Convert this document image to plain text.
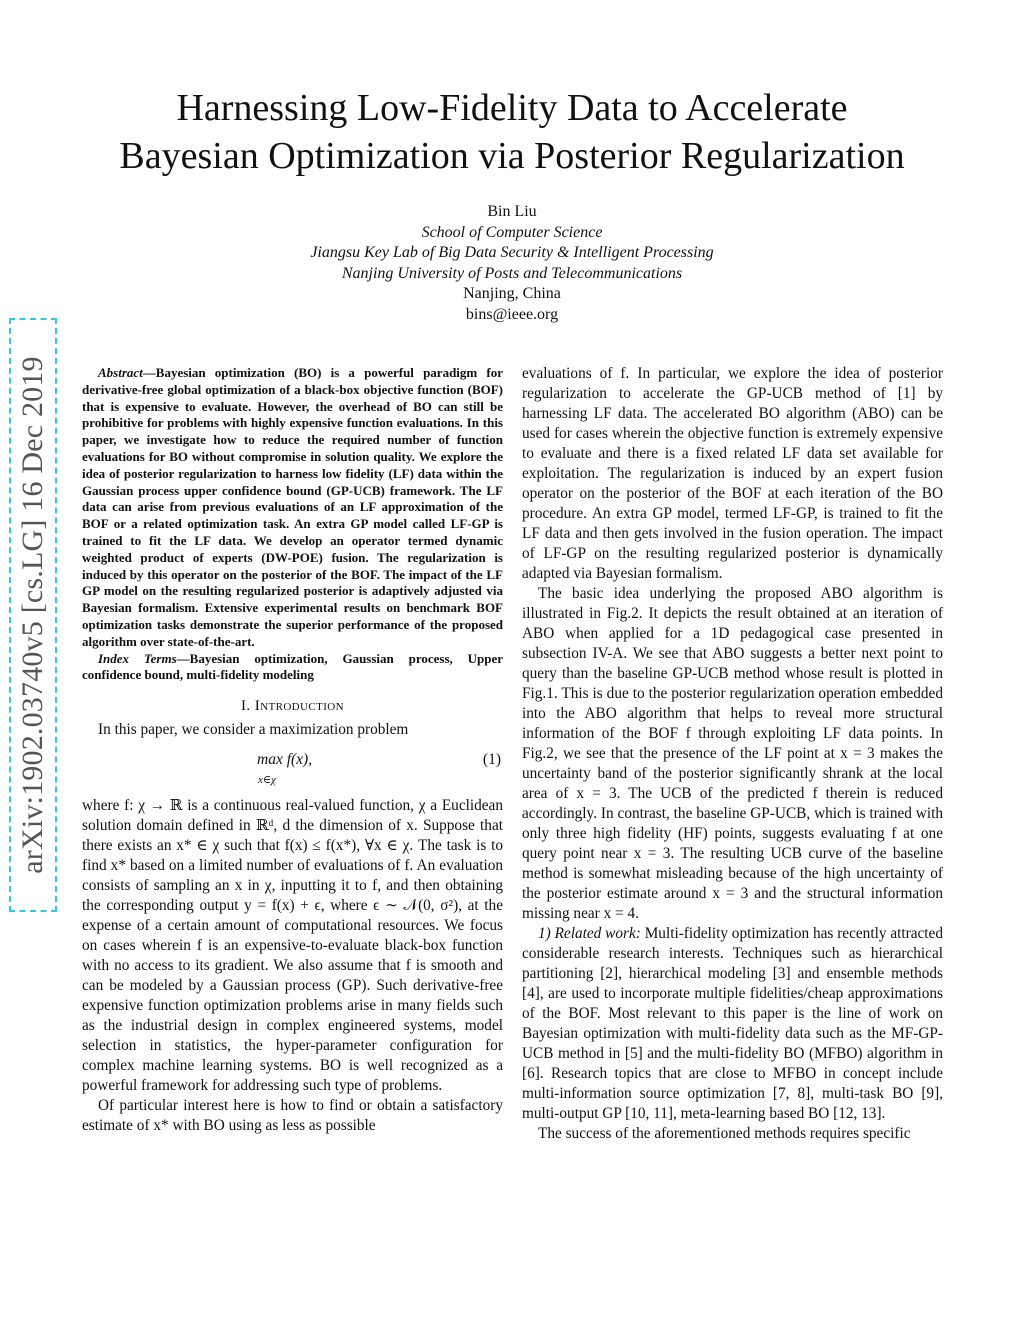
Harnessing Low-Fidelity Data to Accelerate
Bayesian Optimization via Posterior Regularization
Bin Liu
School of Computer Science
Jiangsu Key Lab of Big Data Security & Intelligent Processing
Nanjing University of Posts and Telecommunications
Nanjing, China
bins@ieee.org
arXiv:1902.03740v5 [cs.LG] 16 Dec 2019	Abstract—Bayesian optimization (BO) is a powerful paradigm for derivative-free global optimization of a black-box objective function (BOF) that is expensive to evaluate. However, the overhead of BO can still be prohibitive for problems with highly expensive function evaluations. In this paper, we investigate how to reduce the required number of function evaluations for BO without compromise in solution quality. We explore the idea of posterior regularization to harness low fidelity (LF) data within the Gaussian process upper confidence bound (GP-UCB) framework. The LF data can arise from previous evaluations of an LF approximation of the BOF or a related optimization task. An extra GP model called LF-GP is trained to fit the LF data. We develop an operator termed dynamic weighted product of experts (DW-POE) fusion. The regularization is induced by this operator on the posterior of the BOF. The impact of the LF GP model on the resulting regularized posterior is adaptively adjusted via Bayesian formalism. Extensive experimental results on benchmark BOF optimization tasks demonstrate the superior performance of the proposed algorithm over state-of-the-art.

Index Terms—Bayesian optimization, Gaussian process, Upper confidence bound, multi-fidelity modeling

I. Introduction

In this paper, we consider a maximization problem

max f(x),
x∈χ
(1)

where f: χ → ℝ is a continuous real-valued function, χ a Euclidean solution domain defined in ℝᵈ, d the dimension of x. Suppose that there exists an x* ∈ χ such that f(x) ≤ f(x*), ∀x ∈ χ. The task is to find x* based on a limited number of evaluations of f. An evaluation consists of sampling an x in χ, inputting it to f, and then obtaining the corresponding output y = f(x) + ϵ, where ϵ ∼ 𝒩(0, σ²), at the expense of a certain amount of computational resources. We focus on cases wherein f is an expensive-to-evaluate black-box function with no access to its gradient. We also assume that f is smooth and can be modeled by a Gaussian process (GP). Such derivative-free expensive function optimization problems arise in many fields such as the industrial design in complex engineered systems, model selection in statistics, the hyper-parameter configuration for complex machine learning systems. BO is well recognized as a powerful framework for addressing such type of problems.

Of particular interest here is how to find or obtain a satisfactory estimate of x* with BO using as less as possible

evaluations of f. In particular, we explore the idea of posterior regularization to accelerate the GP-UCB method of [1] by harnessing LF data. The accelerated BO algorithm (ABO) can be used for cases wherein the objective function is extremely expensive to evaluate and there is a fixed related LF data set available for exploitation. The regularization is induced by an expert fusion operator on the posterior of the BOF at each iteration of the BO procedure. An extra GP model, termed LF-GP, is trained to fit the LF data and then gets involved in the fusion operation. The impact of LF-GP on the resulting regularized posterior is dynamically adapted via Bayesian formalism.

The basic idea underlying the proposed ABO algorithm is illustrated in Fig.2. It depicts the result obtained at an iteration of ABO when applied for a 1D pedagogical case presented in subsection IV-A. We see that ABO suggests a better next point to query than the baseline GP-UCB method whose result is plotted in Fig.1. This is due to the posterior regularization operation embedded into the ABO algorithm that helps to reveal more structural information of the BOF f through exploiting LF data points. In Fig.2, we see that the presence of the LF point at x = 3 makes the uncertainty band of the posterior significantly shrank at the local area of x = 3. The UCB of the predicted f therein is reduced accordingly. In contrast, the baseline GP-UCB, which is trained with only three high fidelity (HF) points, suggests evaluating f at one query point near x = 3. The resulting UCB curve of the baseline method is somewhat misleading because of the high uncertainty of the posterior estimate around x = 3 and the structural information missing near x = 4.

1) Related work: Multi-fidelity optimization has recently attracted considerable research interests. Techniques such as hierarchical partitioning [2], hierarchical modeling [3] and ensemble methods [4], are used to incorporate multiple fidelities/cheap approximations of the BOF. Most relevant to this paper is the line of work on Bayesian optimization with multi-fidelity data such as the MF-GP-UCB method in [5] and the multi-fidelity BO (MFBO) algorithm in [6]. Research topics that are close to MFBO in concept include multi-information source optimization [7, 8], multi-task BO [9], multi-output GP [10, 11], meta-learning based BO [12, 13].

The success of the aforementioned methods requires specific
